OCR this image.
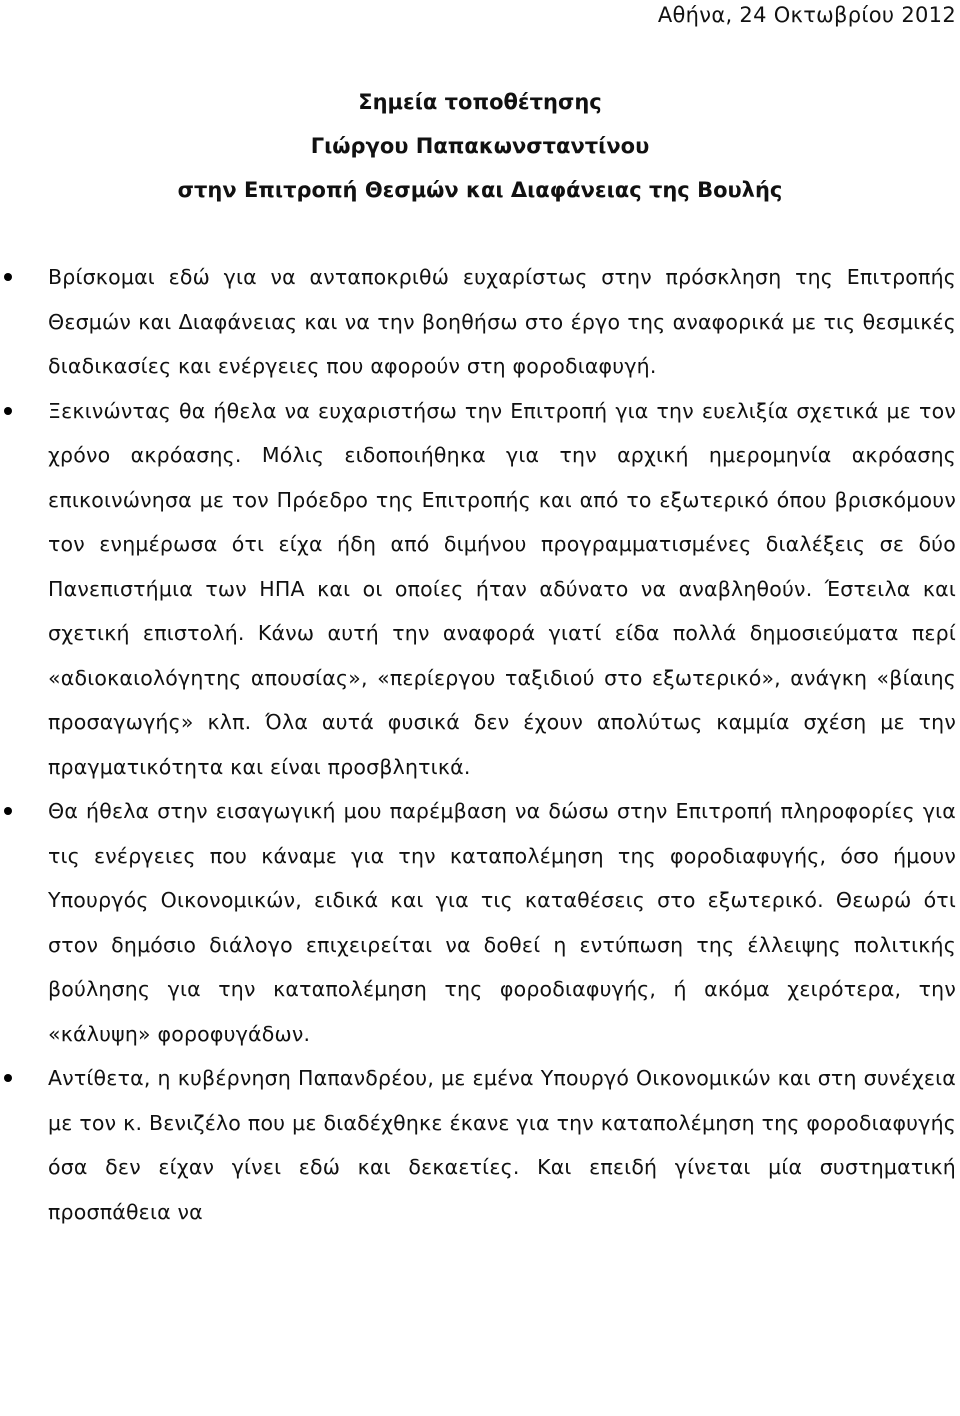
Αθήνα, 24 Οκτωβρίου 2012
Σημεία τοποθέτησης
Γιώργου Παπακωνσταντίνου
στην Επιτροπή Θεσμών και Διαφάνειας της Βουλής
Βρίσκομαι εδώ για να ανταποκριθώ ευχαρίστως στην πρόσκληση της Επιτροπής Θεσμών και Διαφάνειας και να την βοηθήσω στο έργο της αναφορικά με τις θεσμικές διαδικασίες και ενέργειες που αφορούν στη φοροδιαφυγή.
Ξεκινώντας θα ήθελα να ευχαριστήσω την Επιτροπή για την ευελιξία σχετικά με τον χρόνο ακρόασης. Μόλις ειδοποιήθηκα για την αρχική ημερομηνία ακρόασης επικοινώνησα με τον Πρόεδρο της Επιτροπής και από το εξωτερικό όπου βρισκόμουν τον ενημέρωσα ότι είχα ήδη από διμήνου προγραμματισμένες διαλέξεις σε δύο Πανεπιστήμια των ΗΠΑ και οι οποίες ήταν αδύνατο να αναβληθούν. Έστειλα και σχετική επιστολή. Κάνω αυτή την αναφορά γιατί είδα πολλά δημοσιεύματα περί «αδιοκαιολόγητης απουσίας», «περίεργου ταξιδιού στο εξωτερικό», ανάγκη «βίαιης προσαγωγής» κλπ. Όλα αυτά φυσικά δεν έχουν απολύτως καμμία σχέση με την πραγματικότητα και είναι προσβλητικά.
Θα ήθελα στην εισαγωγική μου παρέμβαση να δώσω στην Επιτροπή πληροφορίες για τις ενέργειες που κάναμε για την καταπολέμηση της φοροδιαφυγής, όσο ήμουν Υπουργός Οικονομικών, ειδικά και για τις καταθέσεις στο εξωτερικό. Θεωρώ ότι στον δημόσιο διάλογο επιχειρείται να δοθεί η εντύπωση της έλλειψης πολιτικής βούλησης για την καταπολέμηση της φοροδιαφυγής, ή ακόμα χειρότερα, την «κάλυψη» φοροφυγάδων.
Αντίθετα, η κυβέρνηση Παπανδρέου, με εμένα Υπουργό Οικονομικών και στη συνέχεια με τον κ. Βενιζέλο που με διαδέχθηκε έκανε για την καταπολέμηση της φοροδιαφυγής όσα δεν είχαν γίνει εδώ και δεκαετίες. Και επειδή γίνεται μία συστηματική προσπάθεια να
